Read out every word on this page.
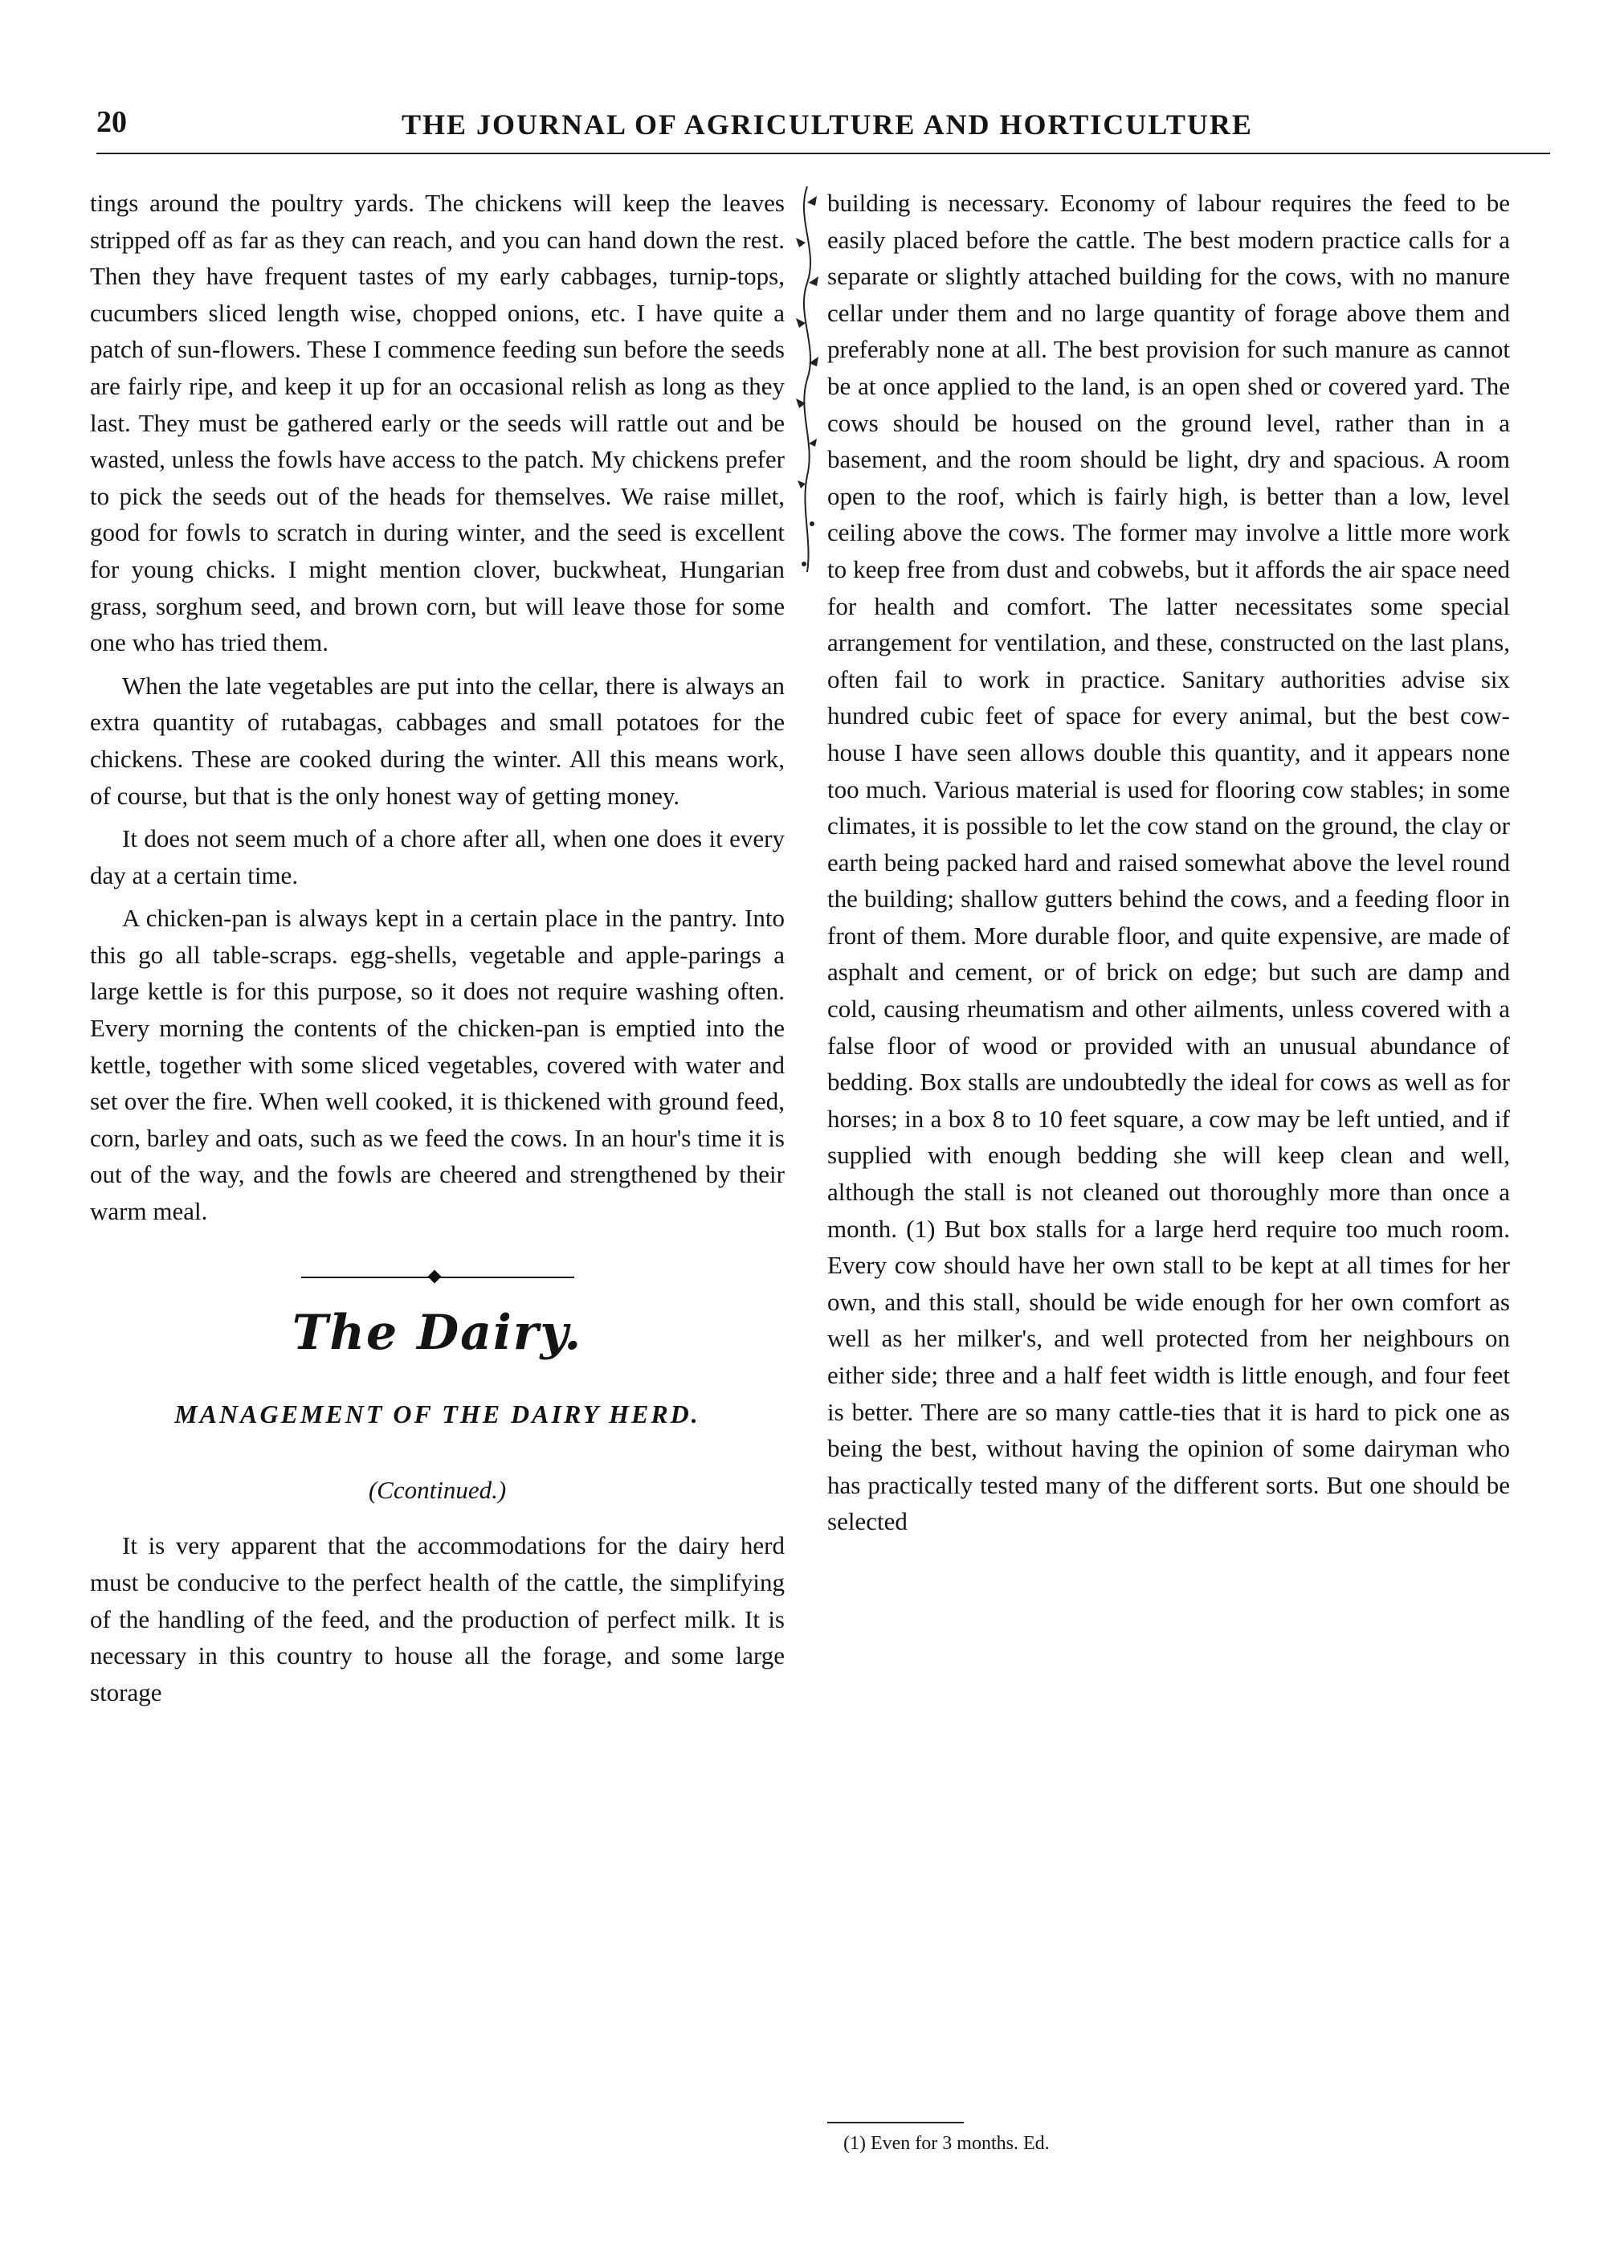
20	THE JOURNAL OF AGRICULTURE AND HORTICULTURE

tings around the poultry yards. The chickens will keep the leaves stripped off as far as they can reach, and you can hand down the rest. Then they have frequent tastes of my early cabbages, turnip-tops, cucumbers sliced length wise, chopped onions, etc. I have quite a patch of sun-flowers. These I commence feeding sun before the seeds are fairly ripe, and keep it up for an occasional relish as long as they last. They must be gathered early or the seeds will rattle out and be wasted, unless the fowls have access to the patch. My chickens prefer to pick the seeds out of the heads for themselves. We raise millet, good for fowls to scratch in during winter, and the seed is excellent for young chicks. I might mention clover, buckwheat, Hungarian grass, sorghum seed, and brown corn, but will leave those for some one who has tried them.

When the late vegetables are put into the cellar, there is always an extra quantity of rutabagas, cabbages and small potatoes for the chickens. These are cooked during the winter. All this means work, of course, but that is the only honest way of getting money.

It does not seem much of a chore after all, when one does it every day at a certain time.

A chicken-pan is always kept in a certain place in the pantry. Into this go all table-scraps. egg-shells, vegetable and apple-parings a large kettle is for this purpose, so it does not require washing often. Every morning the contents of the chicken-pan is emptied into the kettle, together with some sliced vegetables, covered with water and set over the fire. When well cooked, it is thickened with ground feed, corn, barley and oats, such as we feed the cows. In an hour's time it is out of the way, and the fowls are cheered and strengthened by their warm meal.

The Dairy.
MANAGEMENT OF THE DAIRY HERD.
(Ccontinued.)

It is very apparent that the accommodations for the dairy herd must be conducive to the perfect health of the cattle, the simplifying of the handling of the feed, and the production of perfect milk. It is necessary in this country to house all the forage, and some large storage

building is necessary. Economy of labour requires the feed to be easily placed before the cattle. The best modern practice calls for a separate or slightly attached building for the cows, with no manure cellar under them and no large quantity of forage above them and preferably none at all. The best provision for such manure as cannot be at once applied to the land, is an open shed or covered yard. The cows should be housed on the ground level, rather than in a basement, and the room should be light, dry and spacious. A room open to the roof, which is fairly high, is better than a low, level ceiling above the cows. The former may involve a little more work to keep free from dust and cobwebs, but it affords the air space need for health and comfort. The latter necessitates some special arrangement for ventilation, and these, constructed on the last plans, often fail to work in practice. Sanitary authorities advise six hundred cubic feet of space for every animal, but the best cow-house I have seen allows double this quantity, and it appears none too much. Various material is used for flooring cow stables; in some climates, it is possible to let the cow stand on the ground, the clay or earth being packed hard and raised somewhat above the level round the building; shallow gutters behind the cows, and a feeding floor in front of them. More durable floor, and quite expensive, are made of asphalt and cement, or of brick on edge; but such are damp and cold, causing rheumatism and other ailments, unless covered with a false floor of wood or provided with an unusual abundance of bedding. Box stalls are undoubtedly the ideal for cows as well as for horses; in a box 8 to 10 feet square, a cow may be left untied, and if supplied with enough bedding she will keep clean and well, although the stall is not cleaned out thoroughly more than once a month. (1) But box stalls for a large herd require too much room. Every cow should have her own stall to be kept at all times for her own, and this stall, should be wide enough for her own comfort as well as her milker's, and well protected from her neighbours on either side; three and a half feet width is little enough, and four feet is better. There are so many cattle-ties that it is hard to pick one as being the best, without having the opinion of some dairyman who has practically tested many of the different sorts. But one should be selected

(1) Even for 3 months. Ed.
